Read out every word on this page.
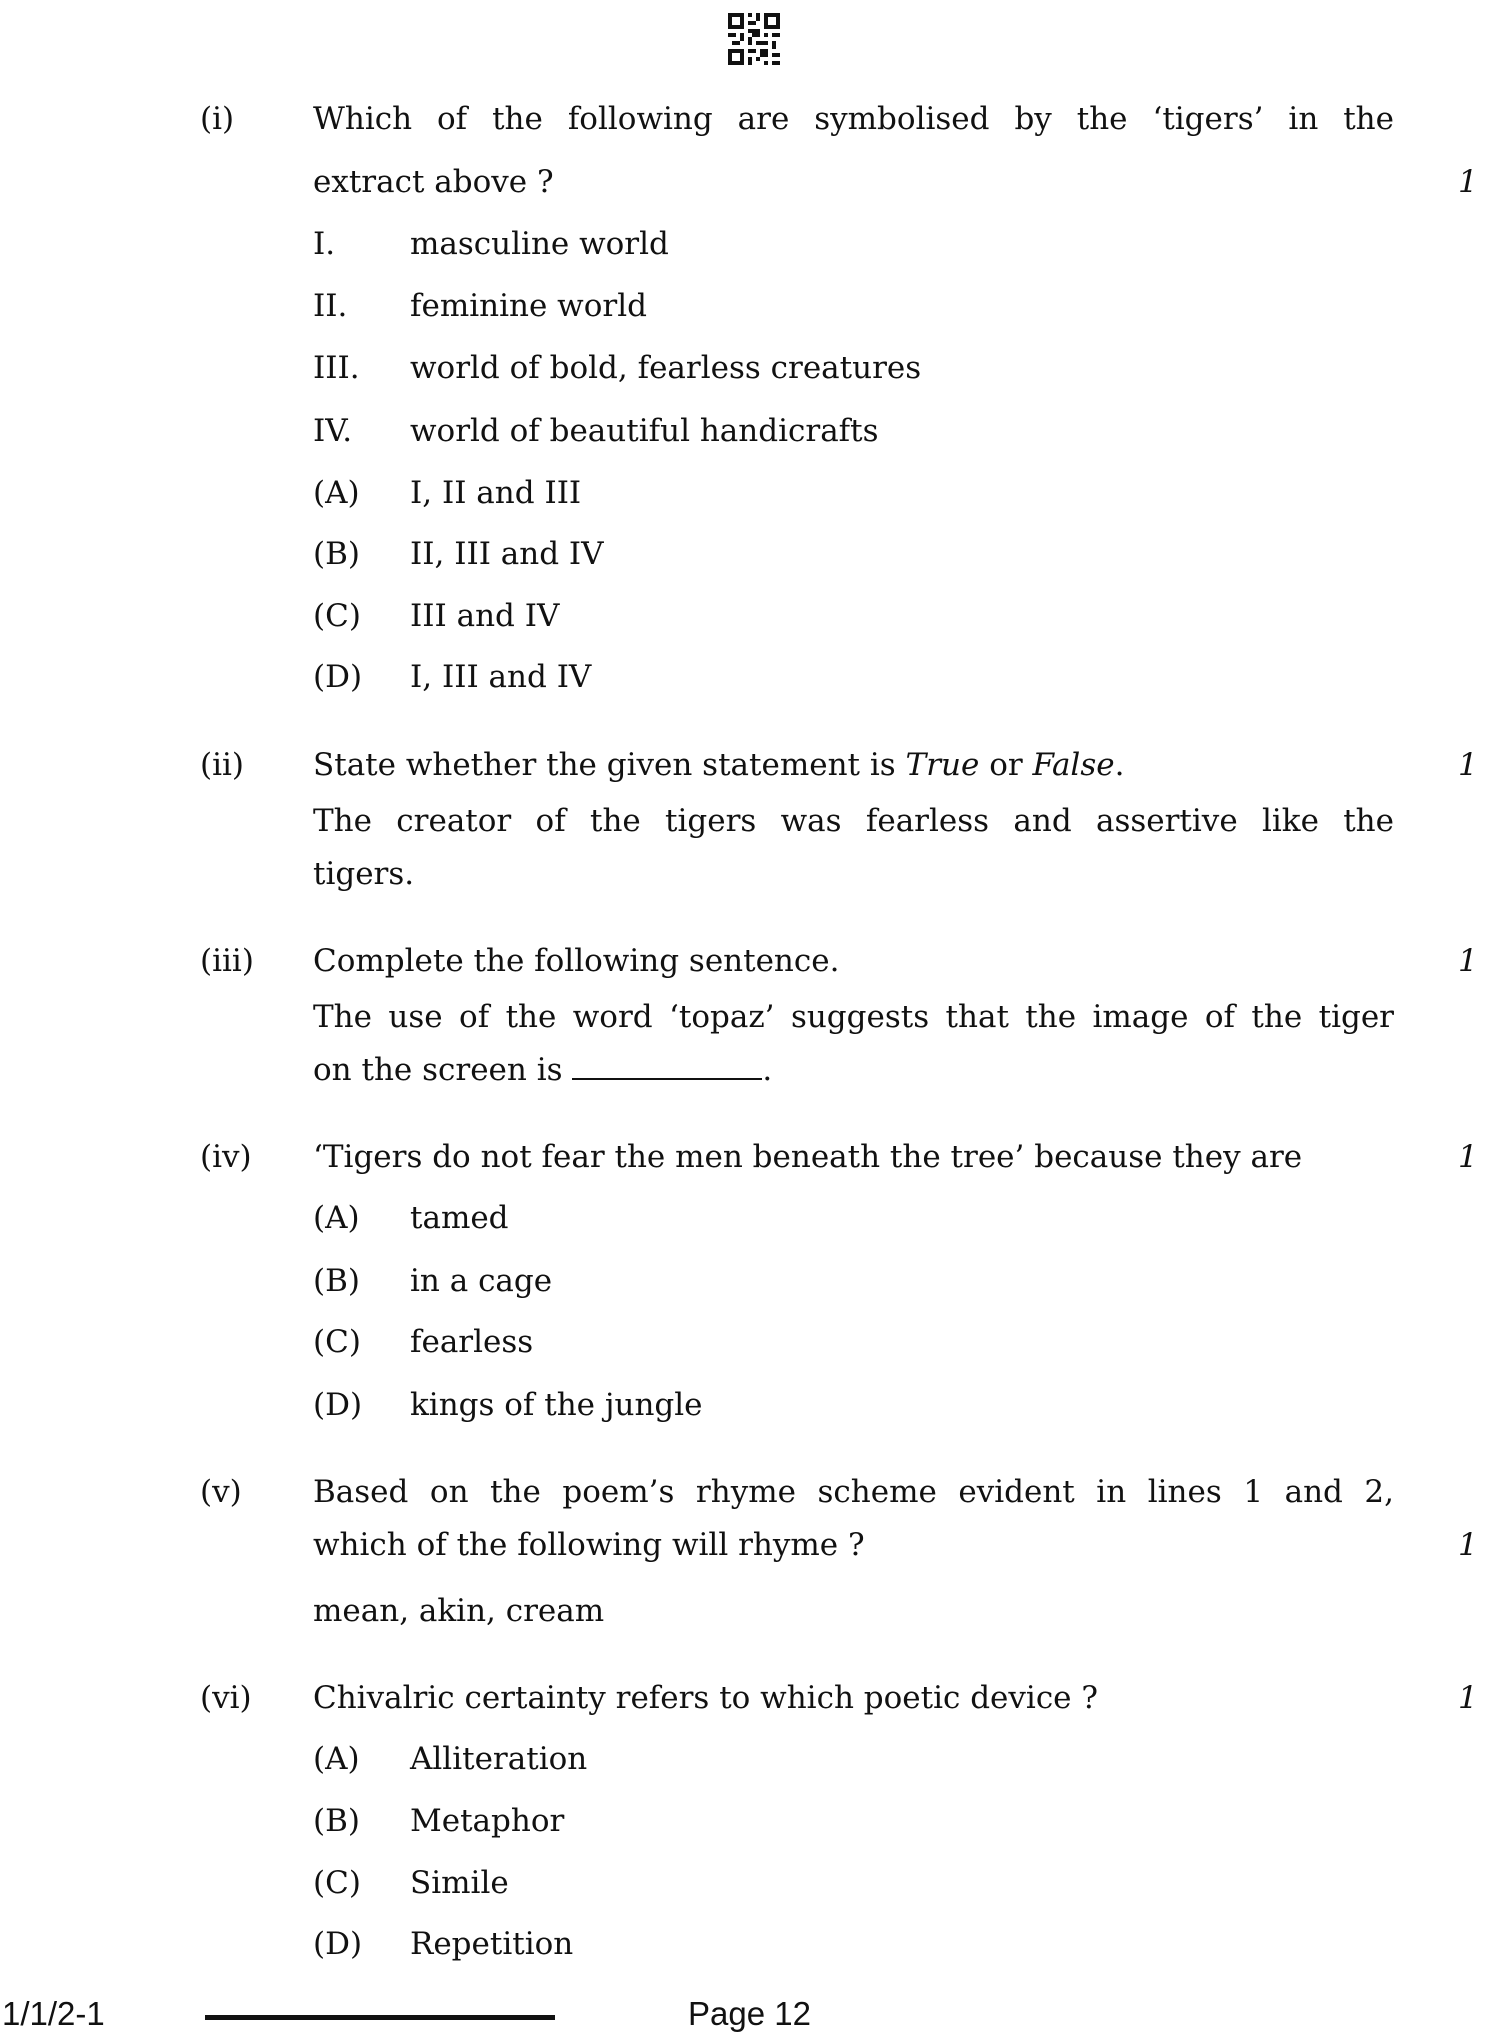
(i)	Which of the following are symbolised by the ‘tigers’ in the
extract above ?	1
I. masculine world
II. feminine world
III. world of bold, fearless creatures
IV. world of beautiful handicrafts
(A) I, II and III
(B) II, III and IV
(C) III and IV
(D) I, III and IV
(ii) State whether the given statement is True or False.	1
The creator of the tigers was fearless and assertive like the
tigers.
(iii) Complete the following sentence.	1
The use of the word ‘topaz’ suggests that the image of the tiger
on the screen is	.
(iv) ‘Tigers do not fear the men beneath the tree’ because they are	1
(A) tamed
(B) in a cage
(C) fearless
(D) kings of the jungle
(v) Based on the poem’s rhyme scheme evident in lines 1 and 2,
which of the following will rhyme ?	1
mean, akin, cream
(vi) Chivalric certainty refers to which poetic device ?	1
(A) Alliteration
(B) Metaphor
(C) Simile
(D) Repetition
1/1/2-1	Page 12
